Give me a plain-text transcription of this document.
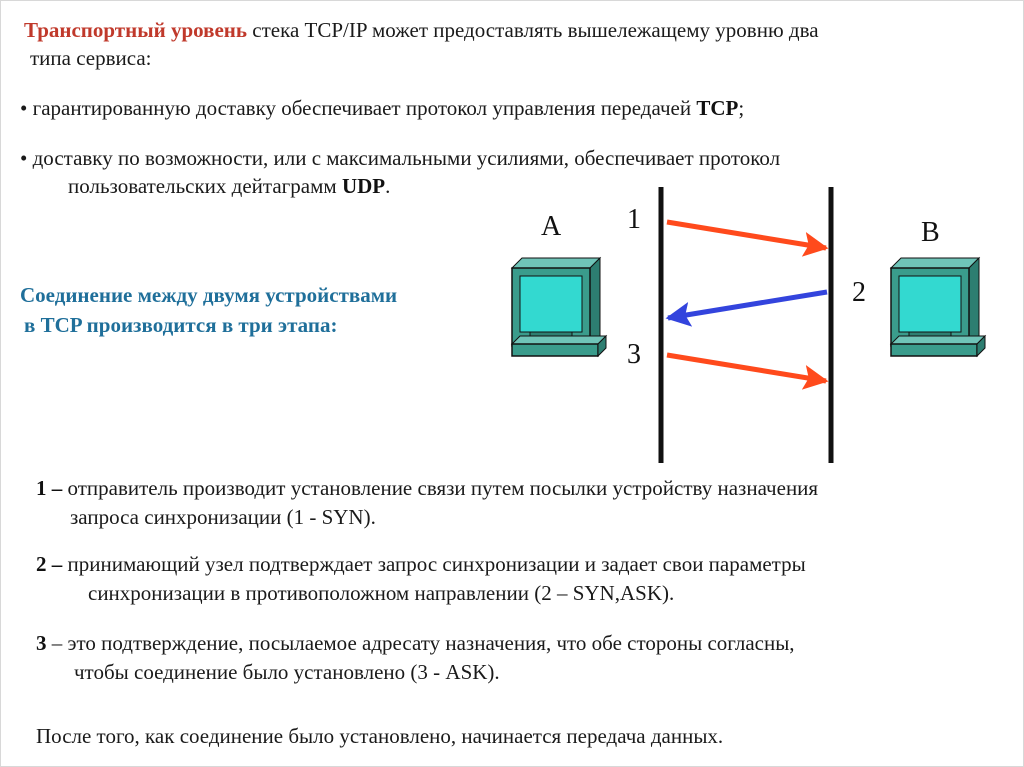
Транспортный уровень стека TCP/IP может предоставлять вышележащему уровню два
типа сервиса:
• гарантированную доставку обеспечивает протокол управления передачей TCP;
• доставку по возможности, или с максимальными усилиями, обеспечивает протокол
пользовательских дейтаграмм UDP.
Соединение между двумя устройствами
в TCP производится в три этапа:
A	B
1
2
3
1 – отправитель производит установление связи путем посылки устройству назначения
запроса синхронизации (1 - SYN).
2 – принимающий узел подтверждает запрос синхронизации и задает свои параметры
синхронизации в противоположном направлении (2 – SYN,ASK).
3 – это подтверждение, посылаемое адресату назначения, что обе стороны согласны,
чтобы соединение было установлено (3 - ASK).
После того, как соединение было установлено, начинается передача данных.
